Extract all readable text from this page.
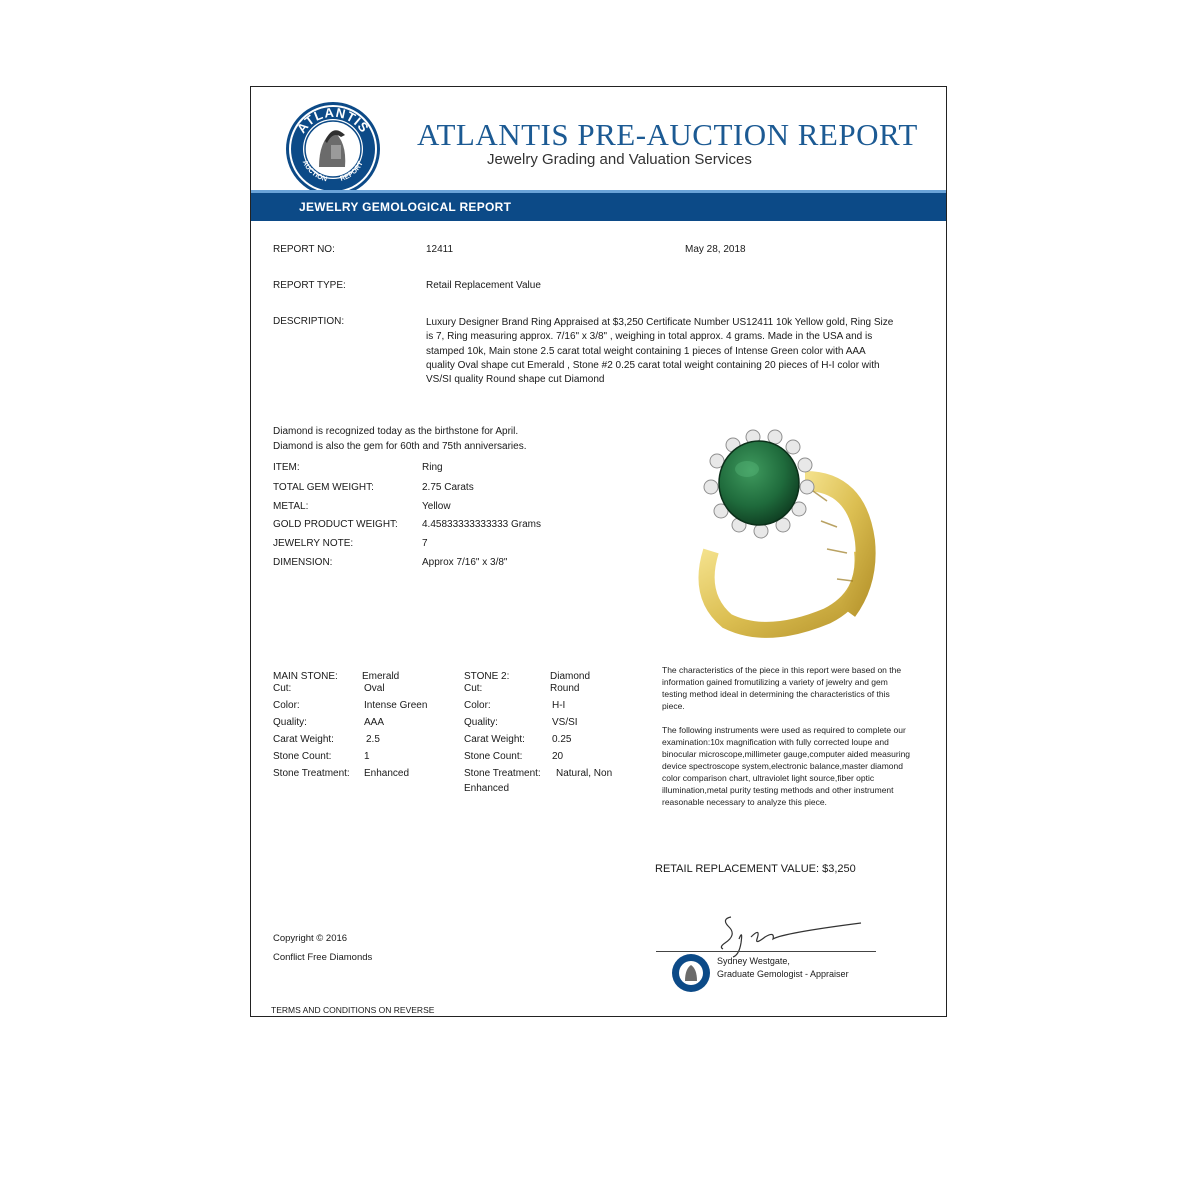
ATLANTIS
AUCTION REPORT
ATLANTIS PRE-AUCTION REPORT
Jewelry Grading and Valuation Services
JEWELRY GEMOLOGICAL REPORT
REPORT NO:	12411	May 28, 2018
REPORT TYPE:	Retail Replacement Value
DESCRIPTION:	Luxury Designer Brand Ring Appraised at $3,250 Certificate Number US12411 10k Yellow gold, Ring Size is 7, Ring measuring approx. 7/16" x 3/8" , weighing in total approx. 4 grams. Made in the USA and is stamped 10k, Main stone 2.5 carat total weight containing 1 pieces of Intense Green color with AAA quality Oval shape cut Emerald , Stone #2 0.25 carat total weight containing 20 pieces of H-I color with VS/SI quality Round shape cut Diamond
Diamond is recognized today as the birthstone for April.
Diamond is also the gem for 60th and 75th anniversaries.
ITEM:	Ring
TOTAL GEM WEIGHT:	2.75 Carats
METAL:	Yellow
GOLD PRODUCT WEIGHT: 4.45833333333333 Grams
JEWELRY NOTE:	7
DIMENSION:	Approx 7/16" x 3/8"
MAIN STONE: Emerald
Cut:	Oval
Color:	Intense Green
Quality:	AAA
Carat Weight:	2.5
Stone Count:	1
Stone Treatment: Enhanced
STONE 2:	Diamond
Cut:	Round
Color:	H-I
Quality:	VS/SI
Carat Weight:	0.25
Stone Count:	20
Stone Treatment: Natural, Non
Enhanced
The characteristics of the piece in this report were based on the information gained fromutilizing a variety of jewelry and gem testing method ideal in determining the characteristics of this piece.
The following instruments were used as required to complete our examination:10x magnification with fully corrected loupe and binocular microscope,millimeter gauge,computer aided measuring device spectroscope system,electronic balance,master diamond color comparison chart, ultraviolet light source,fiber optic illumination,metal purity testing methods and other instrument reasonable necessary to analyze this piece.
RETAIL REPLACEMENT VALUE: $3,250
Sydney Westgate,
Graduate Gemologist - Appraiser
Copyright © 2016
Conflict Free Diamonds
TERMS AND CONDITIONS ON REVERSE
